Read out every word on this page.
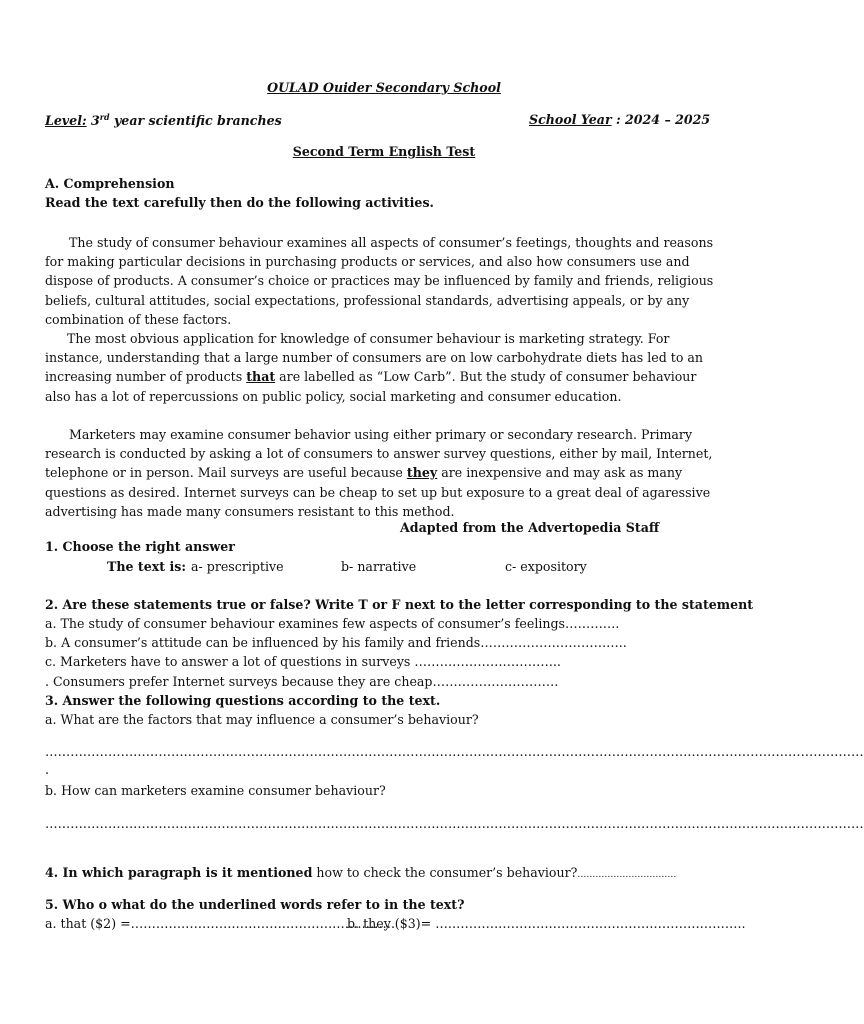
OULAD Ouider Secondary School
Level: 3rd year scientific branches	School Year : 2024 – 2025
Second Term English Test
A. Comprehension
Read the text carefully then do the following activities.

The study of consumer behaviour examines all aspects of consumer’s feetings, thoughts and reasons for making particular decisions in purchasing products or services, and also how consumers use and dispose of products. A consumer’s choice or practices may be influenced by family and friends, religious beliefs, cultural attitudes, social expectations, professional standards, advertising appeals, or by any combination of these factors.

The most obvious application for knowledge of consumer behaviour is marketing strategy. For instance, understanding that a large number of consumers are on low carbohydrate diets has led to an increasing number of products that are labelled as “Low Carb”. But the study of consumer behaviour also has a lot of repercussions on public policy, social marketing and consumer education.

Marketers may examine consumer behavior using either primary or secondary research. Primary research is conducted by asking a lot of consumers to answer survey questions, either by mail, Internet, telephone or in person. Mail surveys are useful because they are inexpensive and may ask as many questions as desired. Internet surveys can be cheap to set up but exposure to a great deal of agaressive advertising has made many consumers resistant to this method.

Adapted from the Advertopedia Staff
1. Choose the right answer
The text is: a- prescriptive	b- narrative	c- expository
2. Are these statements true or false? Write T or F next to the letter corresponding to the statement
a. The study of consumer behaviour examines few aspects of consumer’s feelings………….
b. A consumer’s attitude can be influenced by his family and friends……………………………..
c. Marketers have to answer a lot of questions in surveys ……………………………..
. Consumers prefer Internet surveys because they are cheap…………………………
3. Answer the following questions according to the text.
a. What are the factors that may influence a consumer’s behaviour?
……………………………………………………………………………………………………………………………………………………………………………
.
b. How can marketers examine consumer behaviour?
……………………………………………………………………………………………………………………………………………………………………………
4. In which paragraph is it mentioned how to check the consumer’s behaviour?……………………………
5. Who o what do the underlined words refer to in the text?
a. that ($2) =………………………………………………………
b. they ($3)= ………………………………………………………………..
